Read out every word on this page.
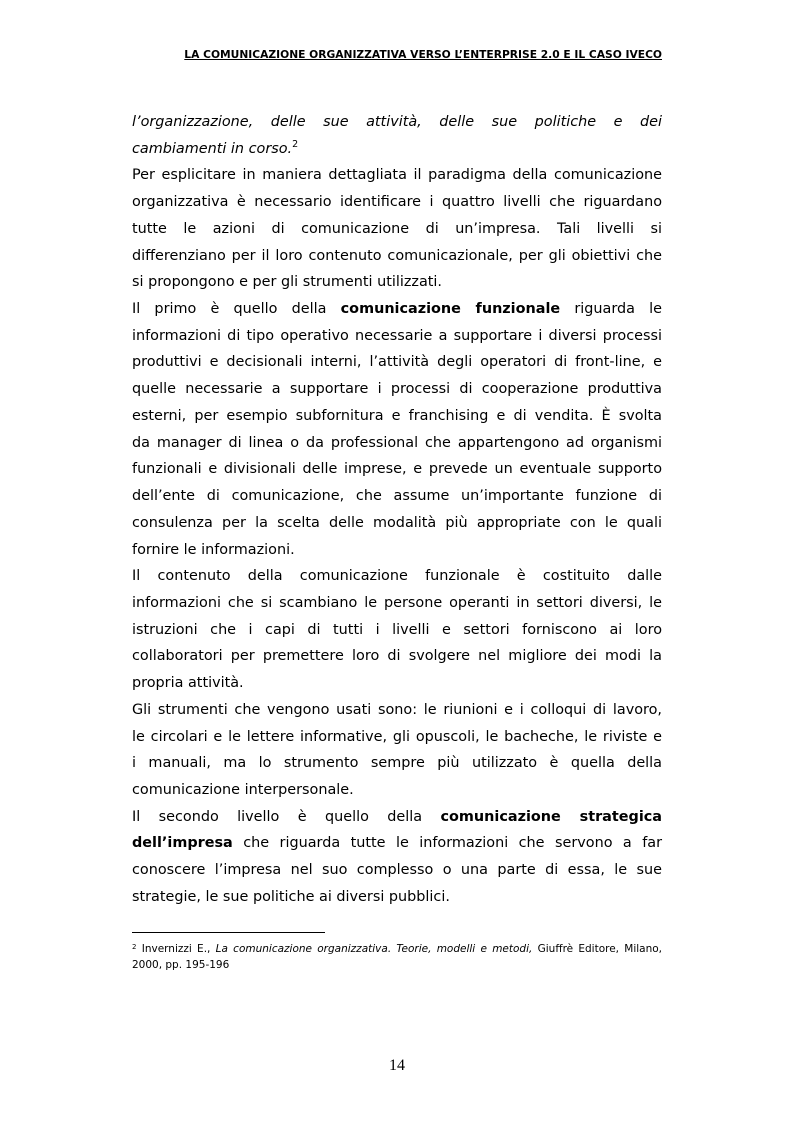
LA COMUNICAZIONE ORGANIZZATIVA VERSO L’ENTERPRISE 2.0 E IL CASO IVECO
l’organizzazione, delle sue attività, delle sue politiche e dei
cambiamenti in corso.$^2$
Per esplicitare in maniera dettagliata il paradigma della comunicazione
organizzativa è necessario identificare i quattro livelli che riguardano
tutte le azioni di comunicazione di un’impresa. Tali livelli si
differenziano per il loro contenuto comunicazionale, per gli obiettivi che
si propongono e per gli strumenti utilizzati.
Il primo è quello della comunicazione funzionale riguarda le
informazioni di tipo operativo necessarie a supportare i diversi processi
produttivi e decisionali interni, l’attività degli operatori di front-line, e
quelle necessarie a supportare i processi di cooperazione produttiva
esterni, per esempio subfornitura e franchising e di vendita. È svolta
da manager di linea o da professional che appartengono ad organismi
funzionali e divisionali delle imprese, e prevede un eventuale supporto
dell’ente di comunicazione, che assume un’importante funzione di
consulenza per la scelta delle modalità più appropriate con le quali
fornire le informazioni.
Il contenuto della comunicazione funzionale è costituito dalle
informazioni che si scambiano le persone operanti in settori diversi, le
istruzioni che i capi di tutti i livelli e settori forniscono ai loro
collaboratori per premettere loro di svolgere nel migliore dei modi la
propria attività.
Gli strumenti che vengono usati sono: le riunioni e i colloqui di lavoro,
le circolari e le lettere informative, gli opuscoli, le bacheche, le riviste e
i manuali, ma lo strumento sempre più utilizzato è quella della
comunicazione interpersonale.
Il secondo livello è quello della comunicazione strategica
dell’impresa che riguarda tutte le informazioni che servono a far
conoscere l’impresa nel suo complesso o una parte di essa, le sue
strategie, le sue politiche ai diversi pubblici.
$^2$ Invernizzi E., La comunicazione organizzativa. Teorie, modelli e metodi, Giuffrè Editore, Milano,
2000, pp. 195-196
14
